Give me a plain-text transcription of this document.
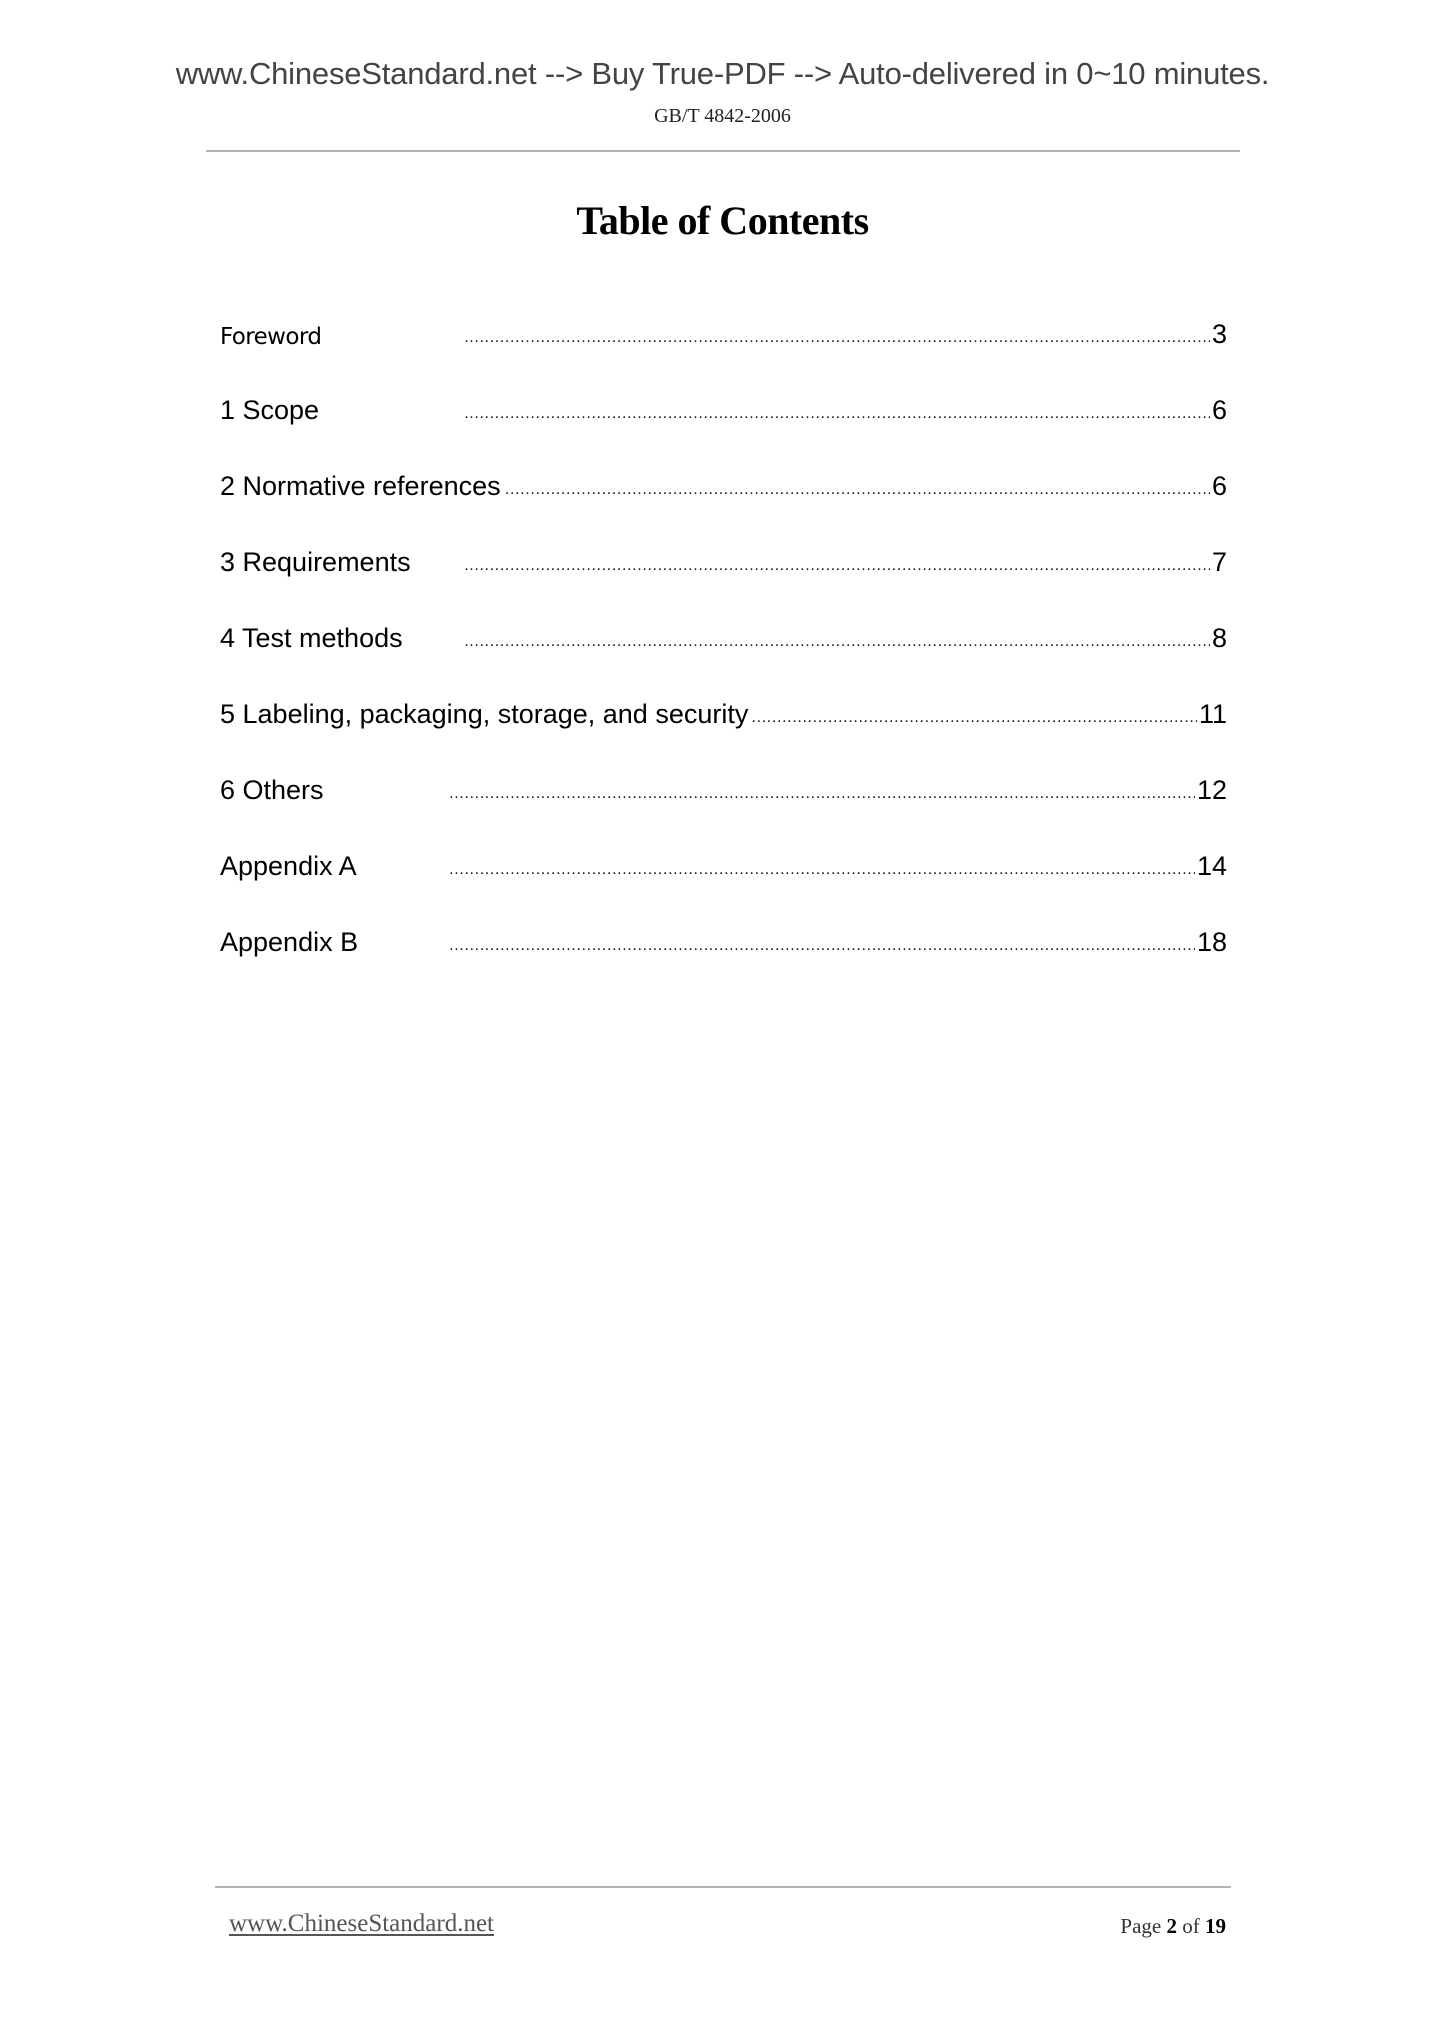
www.ChineseStandard.net --> Buy True-PDF --> Auto-delivered in 0~10 minutes.
GB/T 4842-2006
Table of Contents
Foreword . . .	3
1 Scope . . .	6
2 Normative references . . .	6
3 Requirements . . .	7
4 Test methods . . .	8
5 Labeling, packaging, storage, and security . . .	11
6 Others . . .	12
Appendix A . . .	14
Appendix B . . .	18
www.ChineseStandard.net	Page 2 of 19
